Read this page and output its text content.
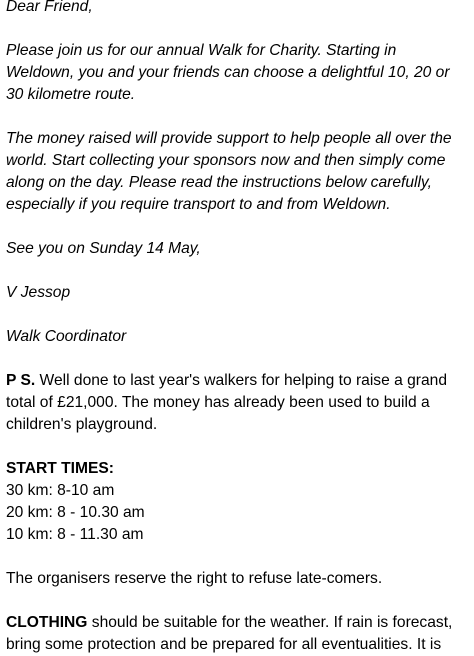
Dear Friend,

Please join us for our annual Walk for Charity. Starting in
Weldown, you and your friends can choose a delightful 10, 20 or
30 kilometre route.

The money raised will provide support to help people all over the
world. Start collecting your sponsors now and then simply come
along on the day. Please read the instructions below carefully,
especially if you require transport to and from Weldown.

See you on Sunday 14 May,

V Jessop

Walk Coordinator

P S. Well done to last year's walkers for helping to raise a grand
total of £21,000. The money has already been used to build a
children's playground.

START TIMES:
30 km: 8-10 am
20 km: 8 - 10.30 am
10 km: 8 - 11.30 am

The organisers reserve the right to refuse late-comers.

CLOTHING should be suitable for the weather. If rain is forecast,
bring some protection and be prepared for all eventualities. It is
